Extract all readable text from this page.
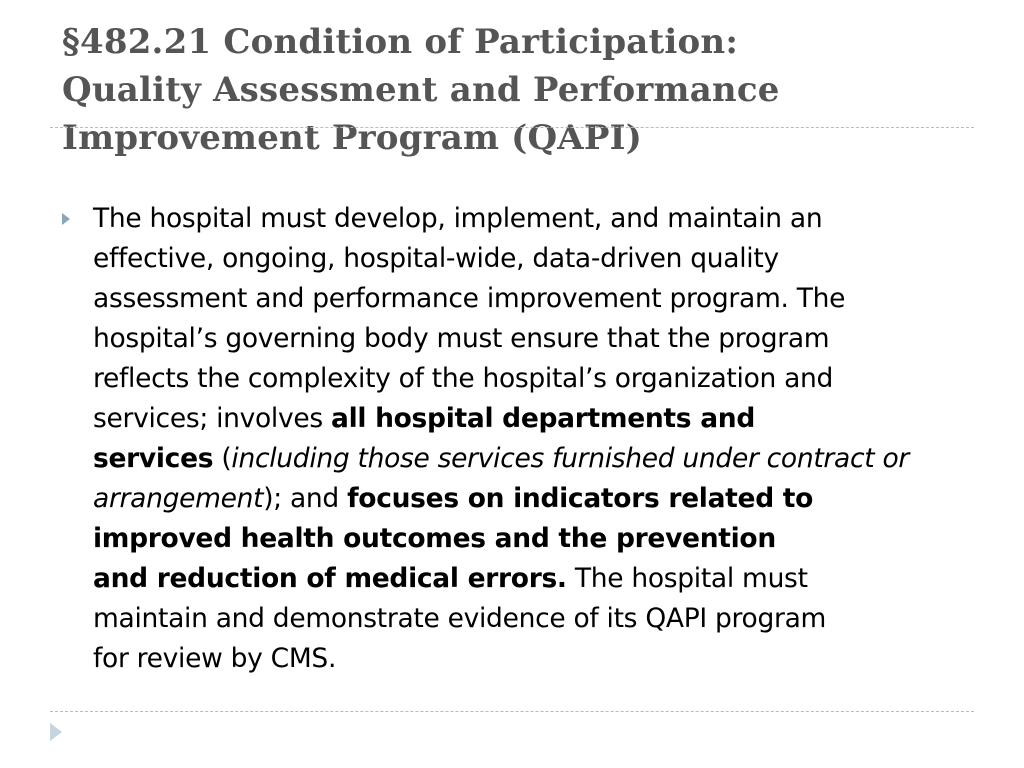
§482.21 Condition of Participation:
Quality Assessment and Performance
Improvement Program (QAPI)

The hospital must develop, implement, and maintain an
effective, ongoing, hospital-wide, data-driven quality
assessment and performance improvement program. The
hospital’s governing body must ensure that the program
reflects the complexity of the hospital’s organization and
services; involves all hospital departments and
services (including those services furnished under contract or
arrangement); and focuses on indicators related to
improved health outcomes and the prevention
and reduction of medical errors. The hospital must
maintain and demonstrate evidence of its QAPI program
for review by CMS.
